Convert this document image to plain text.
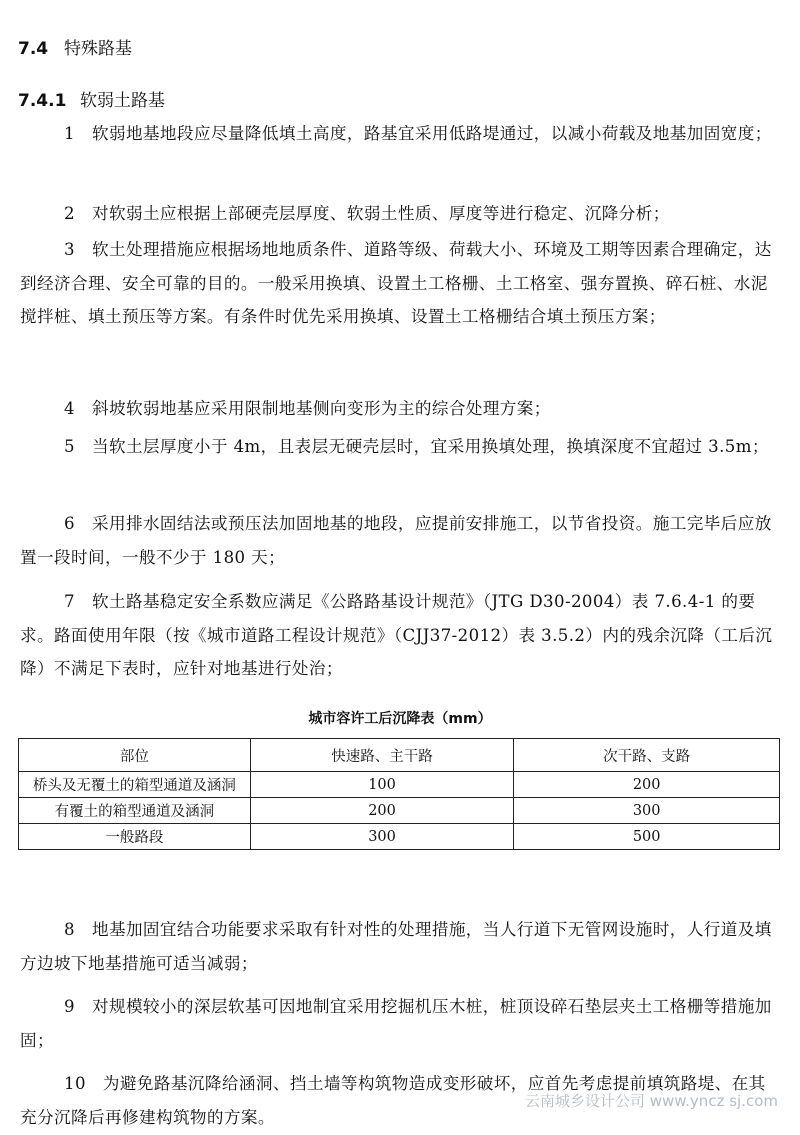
7.4 特殊路基
7.4.1 软弱土路基

1　软弱地基地段应尽量降低填土高度，路基宜采用低路堤通过，以减小荷载及地基加固宽度；

2　对软弱土应根据上部硬壳层厚度、软弱土性质、厚度等进行稳定、沉降分析；

3　软土处理措施应根据场地地质条件、道路等级、荷载大小、环境及工期等因素合理确定，达到经济合理、安全可靠的目的。一般采用换填、设置土工格栅、土工格室、强夯置换、碎石桩、水泥搅拌桩、填土预压等方案。有条件时优先采用换填、设置土工格栅结合填土预压方案；

4　斜坡软弱地基应采用限制地基侧向变形为主的综合处理方案；

5　当软土层厚度小于 4m，且表层无硬壳层时，宜采用换填处理，换填深度不宜超过 3.5m；

6　采用排水固结法或预压法加固地基的地段，应提前安排施工，以节省投资。施工完毕后应放置一段时间，一般不少于 180 天；

7　软土路基稳定安全系数应满足《公路路基设计规范》（JTG D30-2004）表 7.6.4-1 的要求。路面使用年限（按《城市道路工程设计规范》（CJJ37-2012）表 3.5.2）内的残余沉降（工后沉降）不满足下表时，应针对地基进行处治；

城市容许工后沉降表（mm）
部位	快速路、主干路	次干路、支路
桥头及无覆土的箱型通道及涵洞	100	200
有覆土的箱型通道及涵洞	200	300
一般路段	300	500

8　地基加固宜结合功能要求采取有针对性的处理措施，当人行道下无管网设施时，人行道及填方边坡下地基措施可适当减弱；

9　对规模较小的深层软基可因地制宜采用挖掘机压木桩，桩顶设碎石垫层夹土工格栅等措施加固；

10　为避免路基沉降给涵洞、挡土墙等构筑物造成变形破坏，应首先考虑提前填筑路堤、在其充分沉降后再修建构筑物的方案。

云南城乡设计公司 www.yncz sj.com
